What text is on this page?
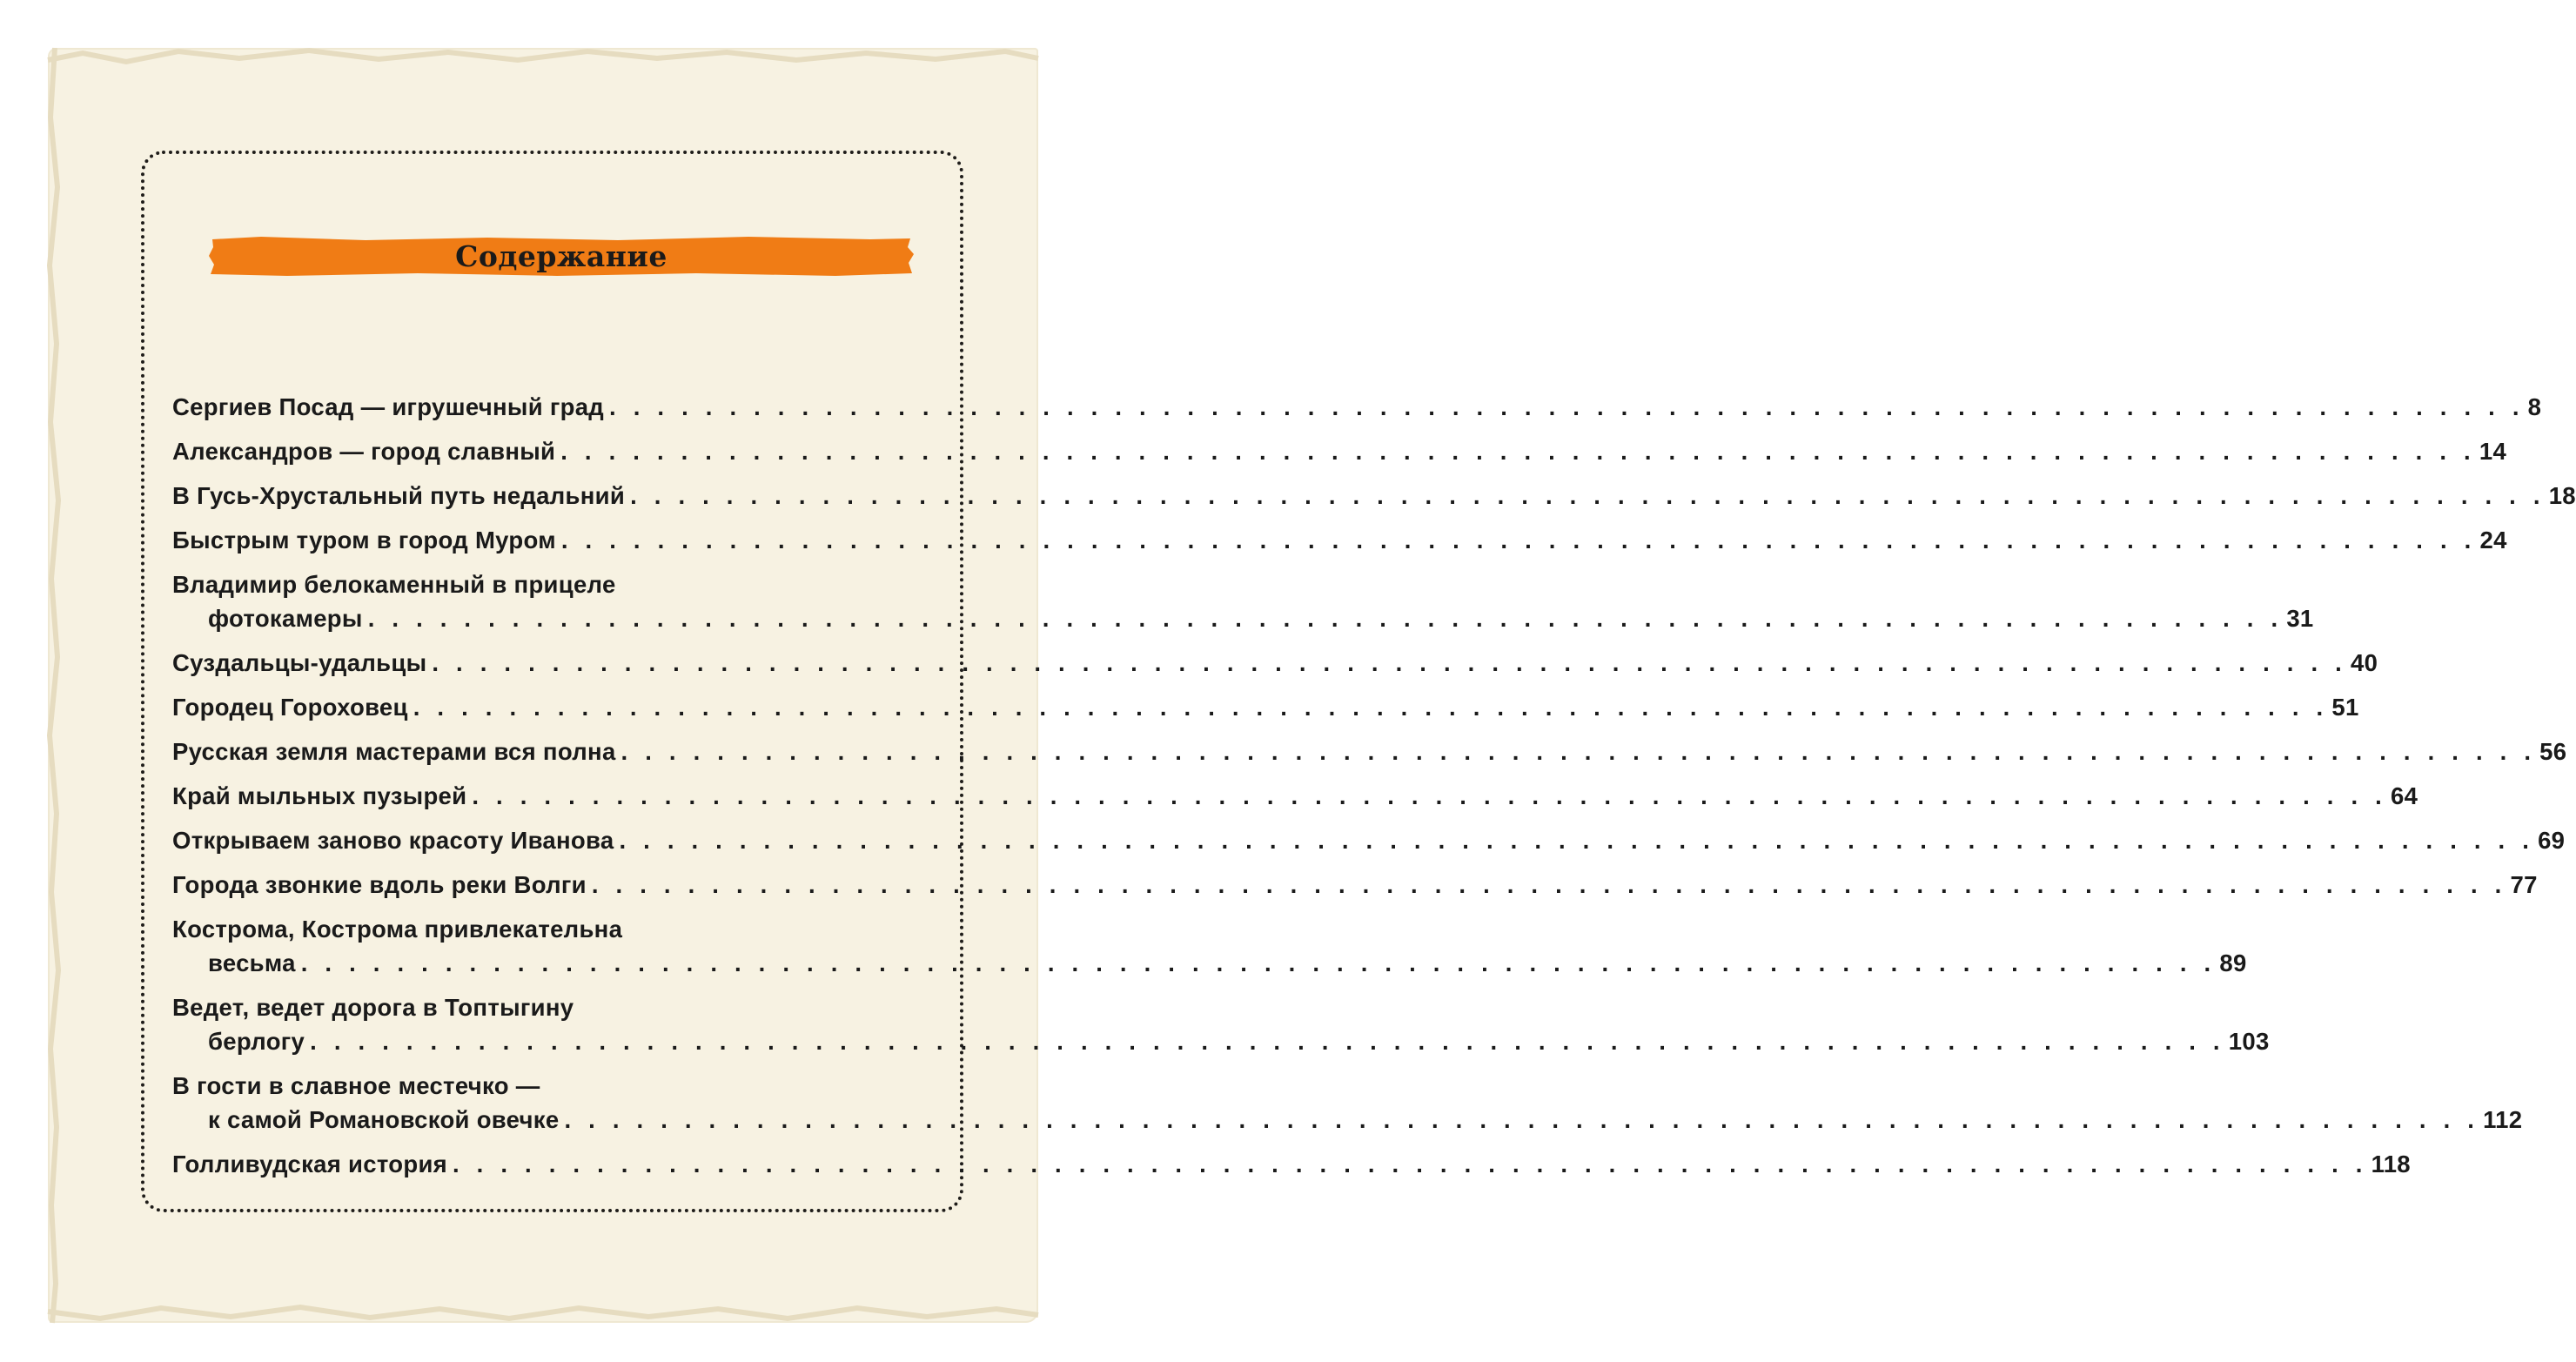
Содержание
Сергиев Посад — игрушечный град . . . . . . . . . . . . . . . . . . . . . . . . . . . . . . . . . . . . . . . . . . . . . . . . . . . . . . . . . . . . . . . . . . . . . . . . . . . . . . . . 8
Александров — город славный . . . . . . . . . . . . . . . . . . . . . . . . . . . . . . . . . . . . . . . . . . . . . . . . . . . . . . . . . . . . . . . . . . . . . . . . . . . . . . . . 14
В Гусь-Хрустальный путь недальний . . . . . . . . . . . . . . . . . . . . . . . . . . . . . . . . . . . . . . . . . . . . . . . . . . . . . . . . . . . . . . . . . . . . . . . . . . . . . . . . 18
Быстрым туром в город Муром . . . . . . . . . . . . . . . . . . . . . . . . . . . . . . . . . . . . . . . . . . . . . . . . . . . . . . . . . . . . . . . . . . . . . . . . . . . . . . . . 24
Владимир белокаменный в прицеле
фотокамеры . . . . . . . . . . . . . . . . . . . . . . . . . . . . . . . . . . . . . . . . . . . . . . . . . . . . . . . . . . . . . . . . . . . . . . . . . . . . . . . . 31
Суздальцы-удальцы . . . . . . . . . . . . . . . . . . . . . . . . . . . . . . . . . . . . . . . . . . . . . . . . . . . . . . . . . . . . . . . . . . . . . . . . . . . . . . . . 40
Городец Гороховец . . . . . . . . . . . . . . . . . . . . . . . . . . . . . . . . . . . . . . . . . . . . . . . . . . . . . . . . . . . . . . . . . . . . . . . . . . . . . . . . 51
Русская земля мастерами вся полна . . . . . . . . . . . . . . . . . . . . . . . . . . . . . . . . . . . . . . . . . . . . . . . . . . . . . . . . . . . . . . . . . . . . . . . . . . . . . . . . 56
Край мыльных пузырей . . . . . . . . . . . . . . . . . . . . . . . . . . . . . . . . . . . . . . . . . . . . . . . . . . . . . . . . . . . . . . . . . . . . . . . . . . . . . . . . 64
Открываем заново красоту Иванова . . . . . . . . . . . . . . . . . . . . . . . . . . . . . . . . . . . . . . . . . . . . . . . . . . . . . . . . . . . . . . . . . . . . . . . . . . . . . . . . 69
Города звонкие вдоль реки Волги . . . . . . . . . . . . . . . . . . . . . . . . . . . . . . . . . . . . . . . . . . . . . . . . . . . . . . . . . . . . . . . . . . . . . . . . . . . . . . . . 77
Кострома, Кострома привлекательна
весьма . . . . . . . . . . . . . . . . . . . . . . . . . . . . . . . . . . . . . . . . . . . . . . . . . . . . . . . . . . . . . . . . . . . . . . . . . . . . . . . . 89
Ведет, ведет дорога в Топтыгину
берлогу . . . . . . . . . . . . . . . . . . . . . . . . . . . . . . . . . . . . . . . . . . . . . . . . . . . . . . . . . . . . . . . . . . . . . . . . . . . . . . . . 103
В гости в славное местечко —
к самой Романовской овечке . . . . . . . . . . . . . . . . . . . . . . . . . . . . . . . . . . . . . . . . . . . . . . . . . . . . . . . . . . . . . . . . . . . . . . . . . . . . . . . . 112
Голливудская история . . . . . . . . . . . . . . . . . . . . . . . . . . . . . . . . . . . . . . . . . . . . . . . . . . . . . . . . . . . . . . . . . . . . . . . . . . . . . . . . 118
